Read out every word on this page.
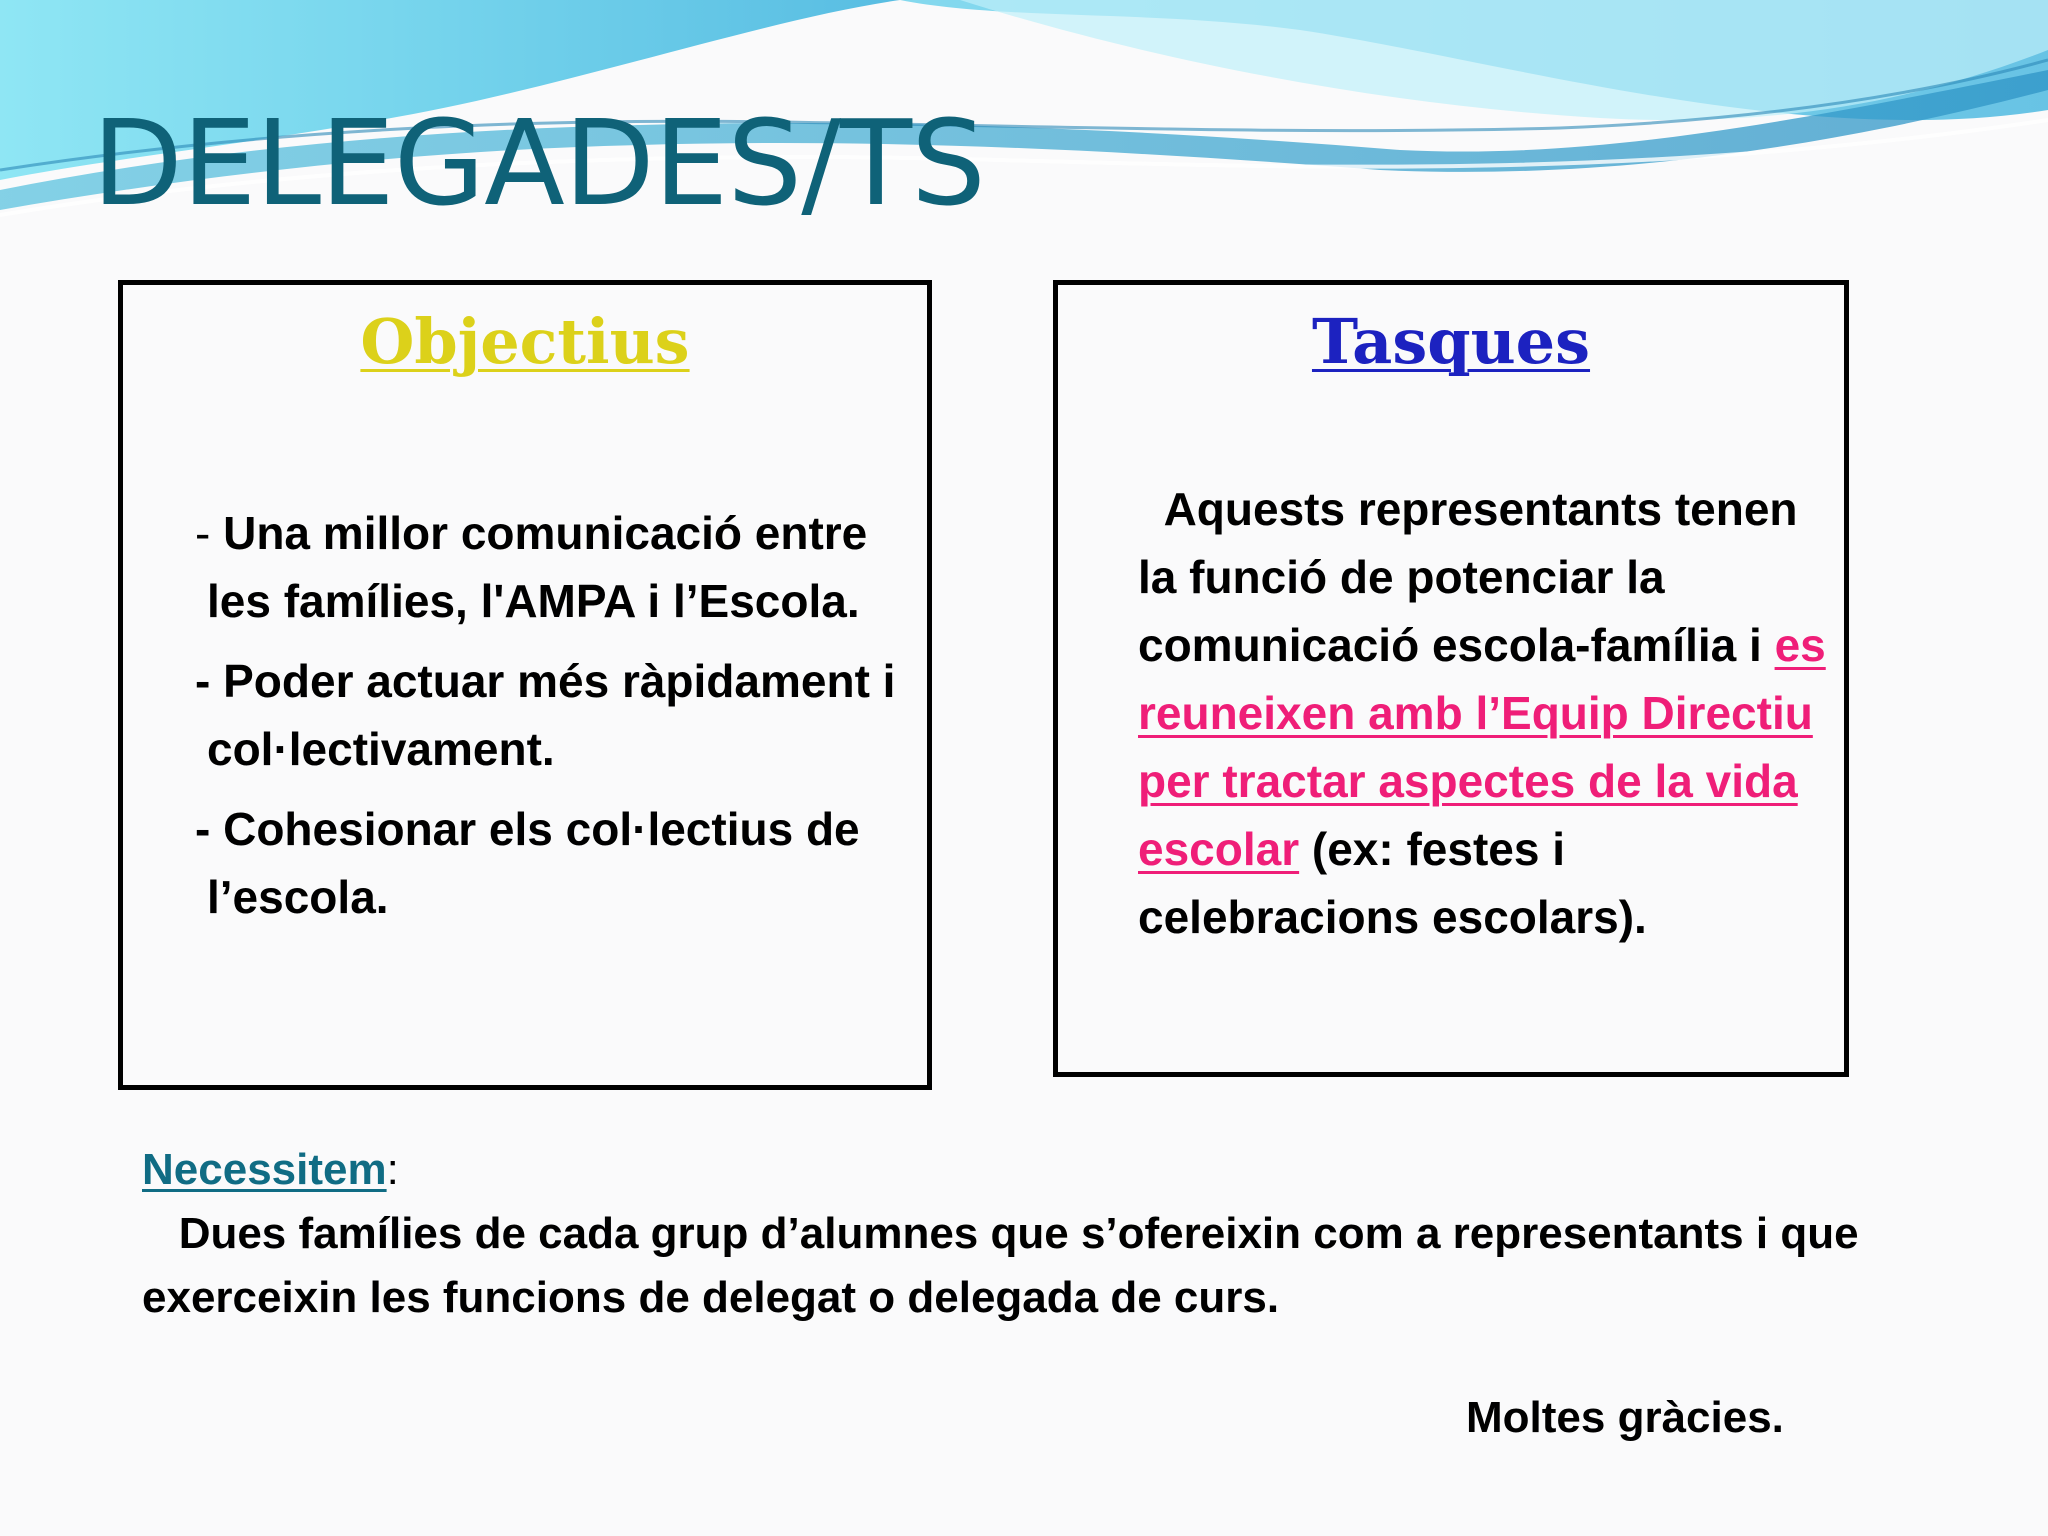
DELEGADES/TS
Objectius
- Una millor comunicació entre les famílies, l'AMPA i l’Escola.
- Poder actuar més ràpidament i col·lectivament.
- Cohesionar els col·lectius de l’escola.
Tasques

Aquests representants tenen la funció de potenciar la comunicació escola-família i es reuneixen amb l’Equip Directiu per tractar aspectes de la vida escolar (ex: festes i celebracions escolars).

Necessitem:
Dues famílies de cada grup d’alumnes que s’ofereixin com a representants i que exerceixin les funcions de delegat o delegada de curs.

Moltes gràcies.
